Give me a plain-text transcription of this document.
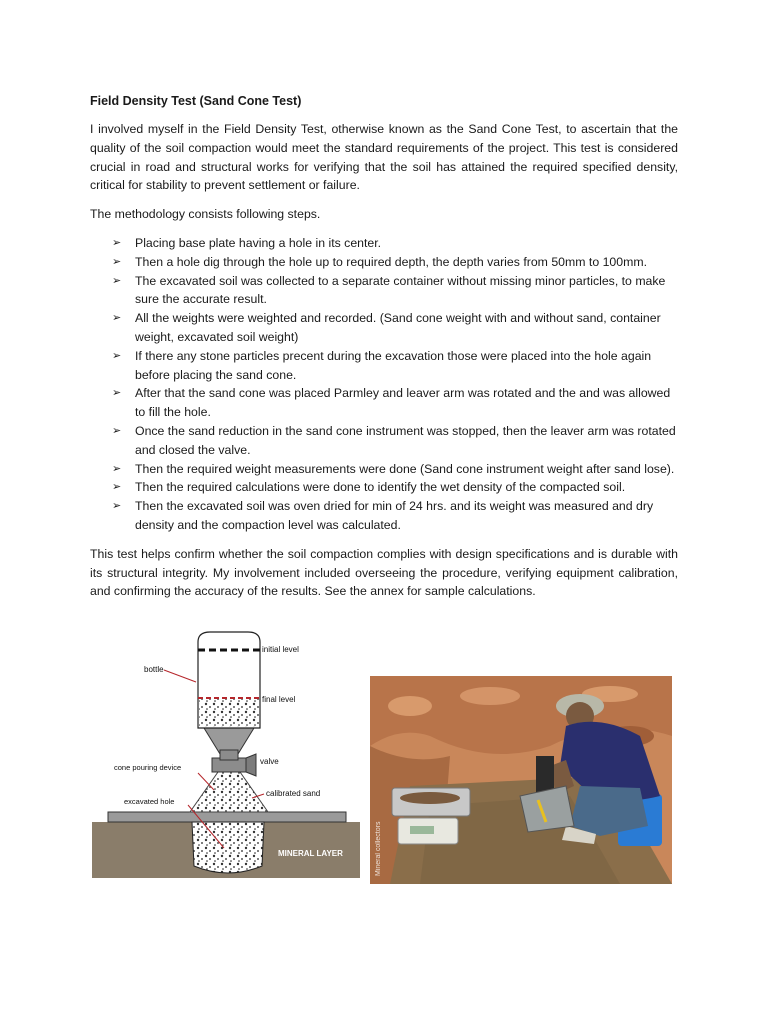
Field Density Test (Sand Cone Test)

I involved myself in the Field Density Test, otherwise known as the Sand Cone Test, to ascertain that the quality of the soil compaction would meet the standard requirements of the project. This test is considered crucial in road and structural works for verifying that the soil has attained the required specified density, critical for stability to prevent settlement or failure.

The methodology consists following steps.

➢ Placing base plate having a hole in its center.
➢ Then a hole dig through the hole up to required depth, the depth varies from 50mm to 100mm.
➢ The excavated soil was collected to a separate container without missing minor particles, to make sure the accurate result.
➢ All the weights were weighted and recorded. (Sand cone weight with and without sand, container weight, excavated soil weight)
➢ If there any stone particles precent during the excavation those were placed into the hole again before placing the sand cone.
➢ After that the sand cone was placed Parmley and leaver arm was rotated and the and was allowed to fill the hole.
➢ Once the sand reduction in the sand cone instrument was stopped, then the leaver arm was rotated and closed the valve.
➢ Then the required weight measurements were done (Sand cone instrument weight after sand lose).
➢ Then the required calculations were done to identify the wet density of the compacted soil.
➢ Then the excavated soil was oven dried for min of 24 hrs. and its weight was measured and dry density and the compaction level was calculated.

This test helps confirm whether the soil compaction complies with design specifications and is durable with its structural integrity. My involvement included overseeing the procedure, verifying equipment calibration, and confirming the accuracy of the results. See the annex for sample calculations.

initial level
bottle
final level
valve
cone pouring device
calibrated sand
excavated hole
MINERAL LAYER	Mineral collectors
